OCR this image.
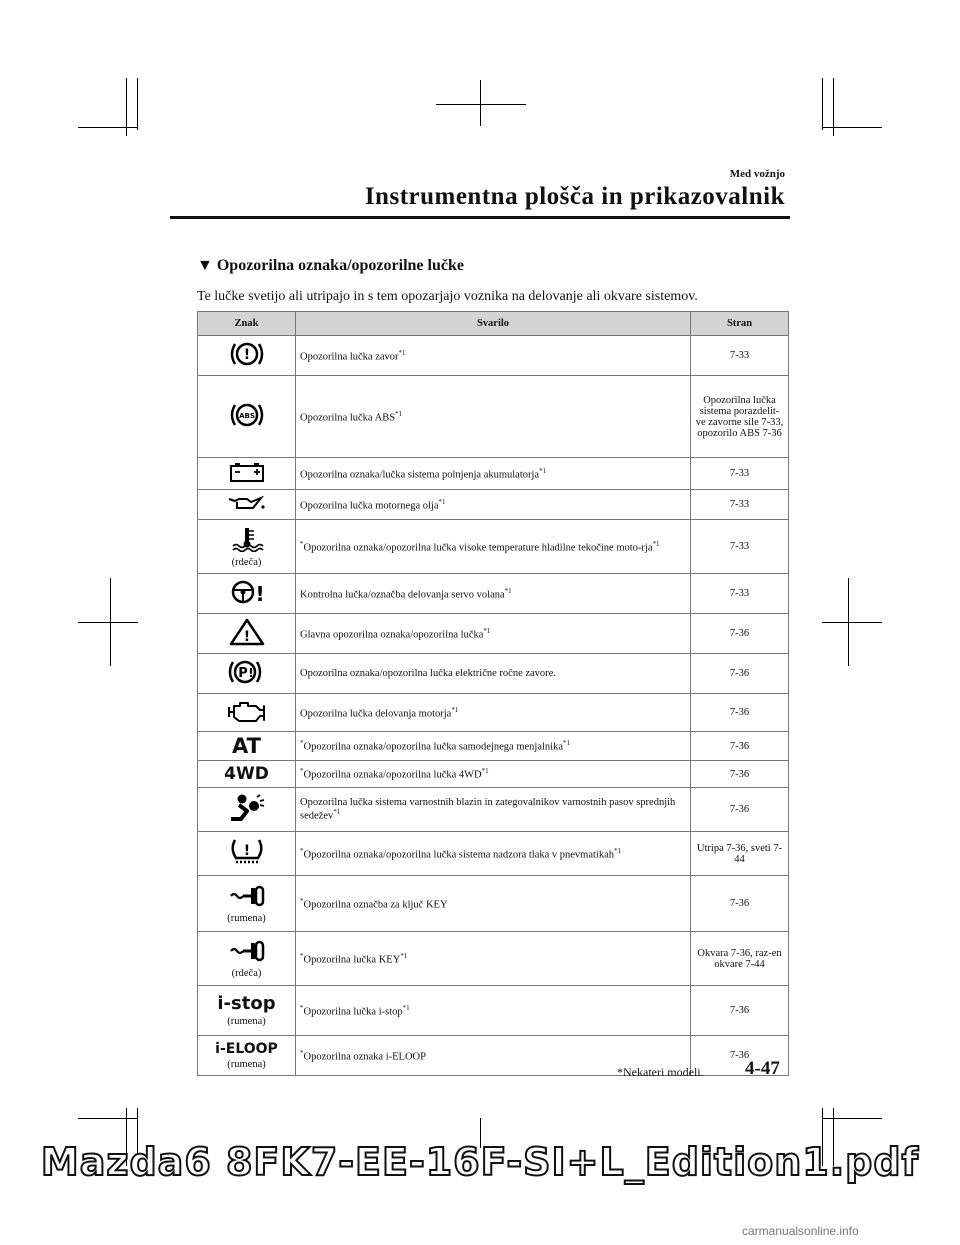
Med vožnjo
Instrumentna plošča in prikazovalnik
▼ Opozorilna oznaka/opozorilne lučke
Te lučke svetijo ali utripajo in s tem opozarjajo voznika na delovanje ali okvare sistemov.
Znak	Svarilo	Stran

!	Opozorilna lučka zavor$^{*1}$	7-33

ABS	Opozorilna lučka ABS$^{*1}$	Opozorilna lučka sistema porazdelit-ve zavorne sile 7-33, opozorilo ABS 7-36
	Opozorilna oznaka/lučka sistema polnjenja akumulatorja$^{*1}$	7-33
	Opozorilna lučka motornega olja$^{*1}$	7-33

(rdeča)	*Opozorilna oznaka/opozorilna lučka visoke temperature hladilne tekočine moto-rja$^{*1}$	7-33

!	Kontrolna lučka/označba delovanja servo volana$^{*1}$	7-33

!	Glavna opozorilna oznaka/opozorilna lučka$^{*1}$	7-36

P !	Opozorilna oznaka/opozorilna lučka električne ročne zavore.	7-36
	Opozorilna lučka delovanja motorja$^{*1}$	7-36
AT	*Opozorilna oznaka/opozorilna lučka samodejnega menjalnika$^{*1}$	7-36
4WD	*Opozorilna oznaka/opozorilna lučka 4WD$^{*1}$	7-36
	Opozorilna lučka sistema varnostnih blazin in zategovalnikov varnostnih pasov sprednjih sedežev$^{*1}$	7-36

!	*Opozorilna oznaka/opozorilna lučka sistema nadzora tlaka v pnevmatikah$^{*1}$	Utripa 7-36, sveti 7-44

(rumena)	*Opozorilna označba za ključ KEY	7-36

(rdeča)	*Opozorilna lučka KEY$^{*1}$	Okvara 7-36, raz-en okvare 7-44
i-stop
(rumena)	*Opozorilna lučka i-stop$^{*1}$	7-36
i-ELOOP
(rumena)	*Opozorilna oznaka i-ELOOP	7-36
*Nekateri modeli. 4-47
Mazda6 8FK7-EE-16F-SI+L_Edition1.pdf
carmanualsonline.info
